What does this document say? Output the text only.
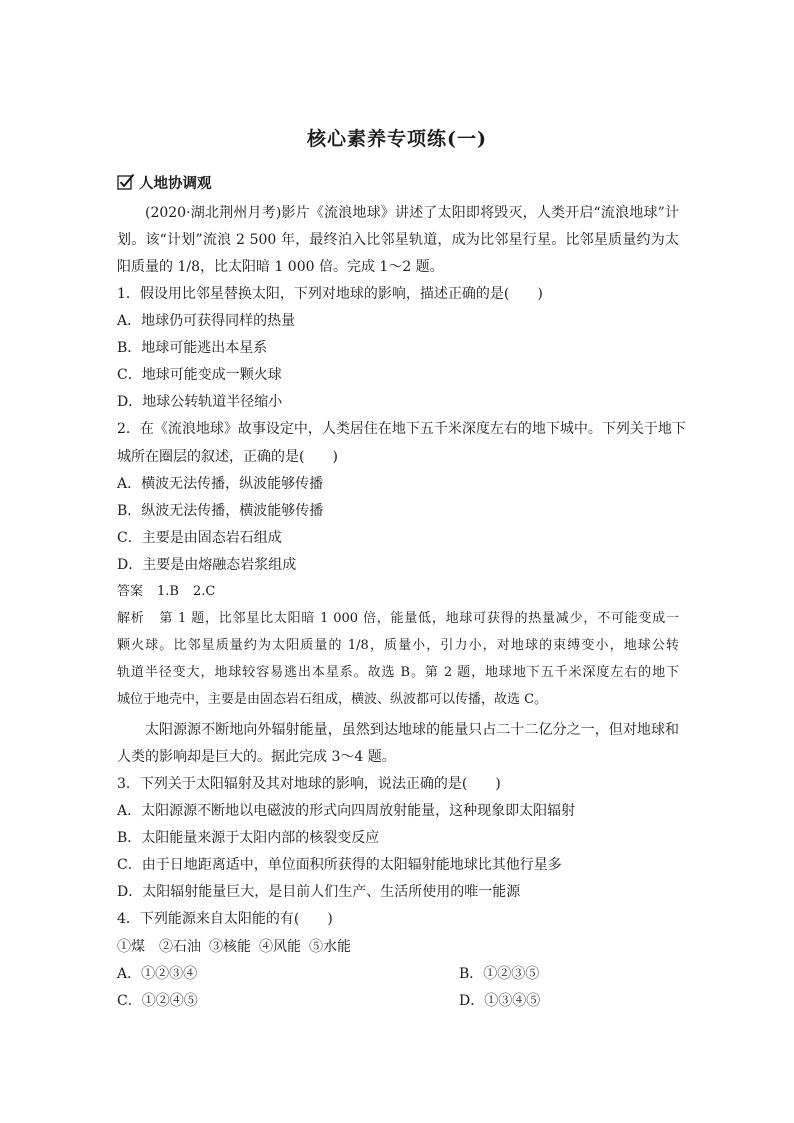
核心素养专项练(一)
人地协调观
(2020·湖北荆州月考)影片《流浪地球》讲述了太阳即将毁灭，人类开启“流浪地球”计
划。该“计划”流浪 2 500 年，最终泊入比邻星轨道，成为比邻星行星。比邻星质量约为太
阳质量的 1/8，比太阳暗 1 000 倍。完成 1～2 题。
1．假设用比邻星替换太阳，下列对地球的影响，描述正确的是(　　)
A．地球仍可获得同样的热量
B．地球可能逃出本星系
C．地球可能变成一颗火球
D．地球公转轨道半径缩小
2．在《流浪地球》故事设定中，人类居住在地下五千米深度左右的地下城中。下列关于地下
城所在圈层的叙述，正确的是(　　)
A．横波无法传播，纵波能够传播
B．纵波无法传播，横波能够传播
C．主要是由固态岩石组成
D．主要是由熔融态岩浆组成
答案 1.B 2.C
解析 第 1 题，比邻星比太阳暗 1 000 倍，能量低，地球可获得的热量减少，不可能变成一
颗火球。比邻星质量约为太阳质量的 1/8，质量小，引力小，对地球的束缚变小，地球公转
轨道半径变大，地球较容易逃出本星系。故选 B。第 2 题，地球地下五千米深度左右的地下
城位于地壳中，主要是由固态岩石组成，横波、纵波都可以传播，故选 C。
太阳源源不断地向外辐射能量，虽然到达地球的能量只占二十二亿分之一，但对地球和
人类的影响却是巨大的。据此完成 3～4 题。
3．下列关于太阳辐射及其对地球的影响，说法正确的是(　　)
A．太阳源源不断地以电磁波的形式向四周放射能量，这种现象即太阳辐射
B．太阳能量来源于太阳内部的核裂变反应
C．由于日地距离适中，单位面积所获得的太阳辐射能地球比其他行星多
D．太阳辐射能量巨大，是目前人们生产、生活所使用的唯一能源
4．下列能源来自太阳能的有(　　)
①煤 ②石油 ③核能 ④风能 ⑤水能
A．①②③④	B．①②③⑤
C．①②④⑤	D．①③④⑤
